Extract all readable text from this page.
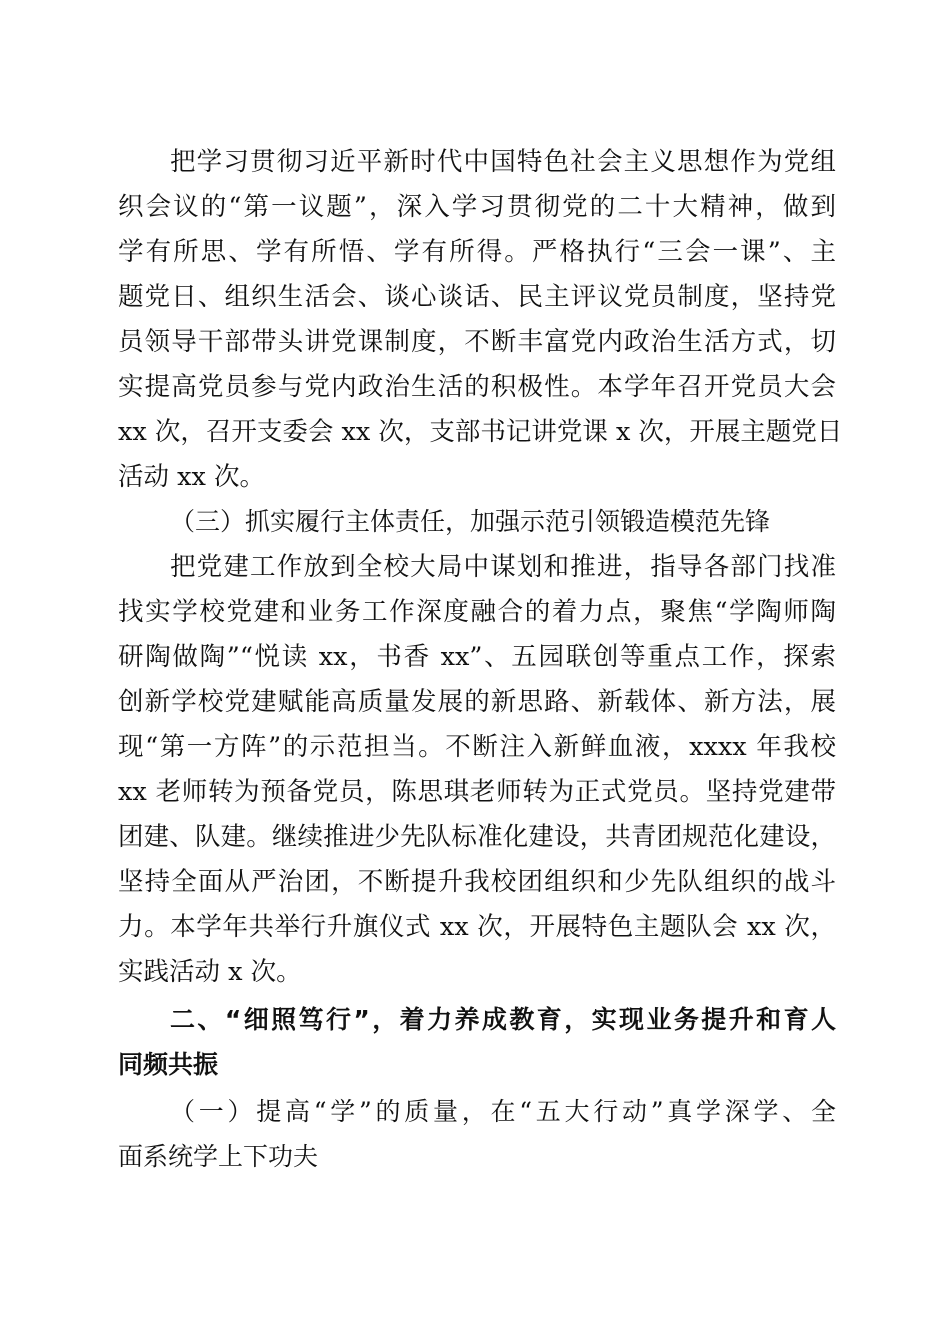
把学习贯彻习近平新时代中国特色社会主义思想作为党组
织会议的“第一议题”，深入学习贯彻党的二十大精神，做到
学有所思、学有所悟、学有所得。严格执行“三会一课”、主
题党日、组织生活会、谈心谈话、民主评议党员制度，坚持党
员领导干部带头讲党课制度，不断丰富党内政治生活方式，切
实提高党员参与党内政治生活的积极性。本学年召开党员大会
xx 次，召开支委会 xx 次，支部书记讲党课 x 次，开展主题党日
活动 xx 次。
（三）抓实履行主体责任，加强示范引领锻造模范先锋
把党建工作放到全校大局中谋划和推进，指导各部门找准
找实学校党建和业务工作深度融合的着力点，聚焦“学陶师陶
研陶做陶”“悦读 xx，书香 xx”、五园联创等重点工作，探索
创新学校党建赋能高质量发展的新思路、新载体、新方法，展
现“第一方阵”的示范担当。不断注入新鲜血液，xxxx 年我校
xx 老师转为预备党员，陈思琪老师转为正式党员。坚持党建带
团建、队建。继续推进少先队标准化建设，共青团规范化建设，
坚持全面从严治团，不断提升我校团组织和少先队组织的战斗
力。本学年共举行升旗仪式 xx 次，开展特色主题队会 xx 次，
实践活动 x 次。
二、“细照笃行”，着力养成教育，实现业务提升和育人
同频共振
（一）提高“学”的质量，在“五大行动”真学深学、全
面系统学上下功夫
